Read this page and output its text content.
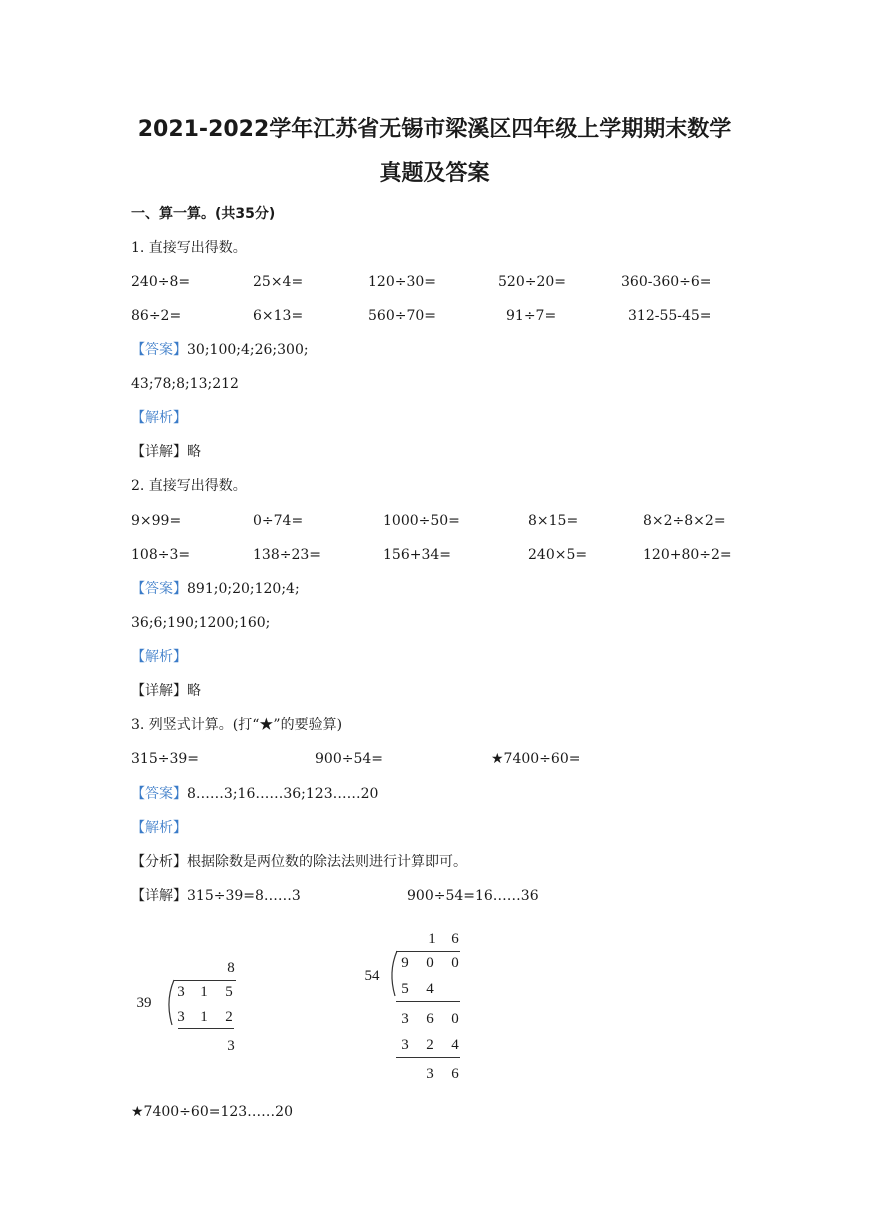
2021-2022学年江苏省无锡市梁溪区四年级上学期期末数学
真题及答案
一、算一算。(共35分)
1. 直接写出得数。
240÷8=	25×4=	120÷30=	520÷20=	360-360÷6=
86÷2=	6×13=	560÷70=	91÷7=	312-55-45=
【答案】30;100;4;26;300;
43;78;8;13;212
【解析】
【详解】略
2. 直接写出得数。
9×99=	0÷74=	1000÷50=	8×15=	8×2÷8×2=
108÷3=	138÷23=	156+34=	240×5=	120+80÷2=
【答案】891;0;20;120;4;
36;6;190;1200;160;
【解析】
【详解】略
3. 列竖式计算。(打“★”的要验算)
315÷39=	900÷54=	★7400÷60=
【答案】8……3;16……36;123……20
【解析】
【分析】根据除数是两位数的除法法则进行计算即可。
【详解】315÷39=8……3	900÷54=16……36
8
39
3	1	5
3	1	2
3
1	6
54
9	0	0
5	4
3	6	0
3	2	4
3	6
★7400÷60=123……20
